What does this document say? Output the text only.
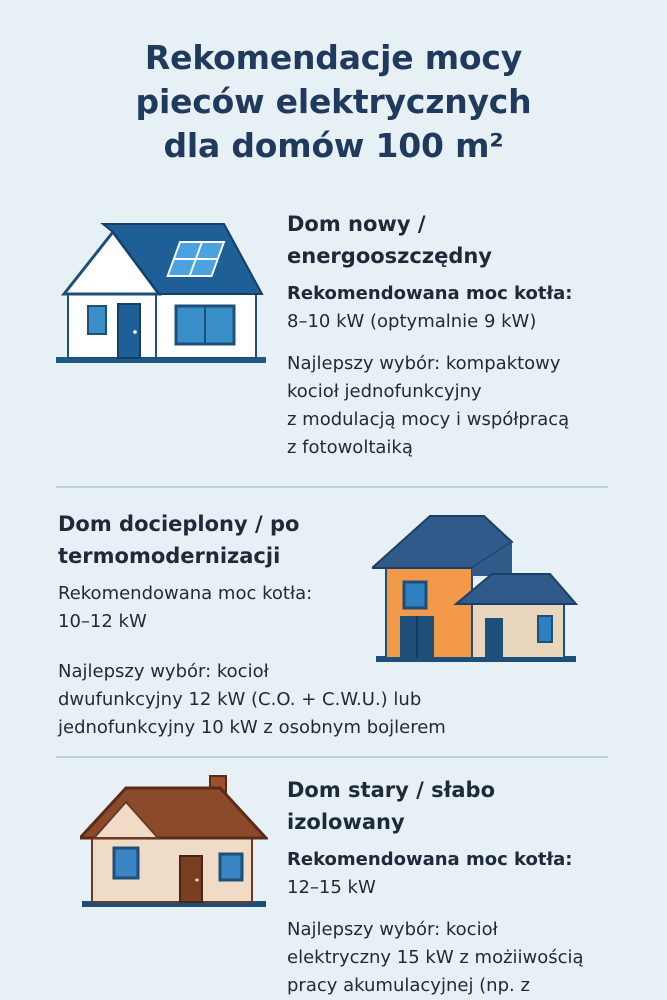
Rekomendacje mocy
pieców elektrycznych
dla domów 100 m²
Dom nowy /
energooszczędny

Rekomendowana moc kotła:

8–10 kW (optymalnie 9 kW)

Najlepszy wybór: kompaktowy
kocioł jednofunkcyjny
z modulacją mocy i współpracą
z fotowoltaiką

Dom docieplony / po
termomodernizacji

Rekomendowana moc kotła:

10–12 kW

Najlepszy wybór: kocioł
dwufunkcyjny 12 kW (C.O. + C.W.U.) lub
jednofunkcyjny 10 kW z osobnym bojlerem

Dom stary / słabo
izolowany

Rekomendowana moc kotła:

12–15 kW

Najlepszy wybór: kocioł
elektryczny 15 kW z możiiwością
pracy akumulacyjnej (np. z
